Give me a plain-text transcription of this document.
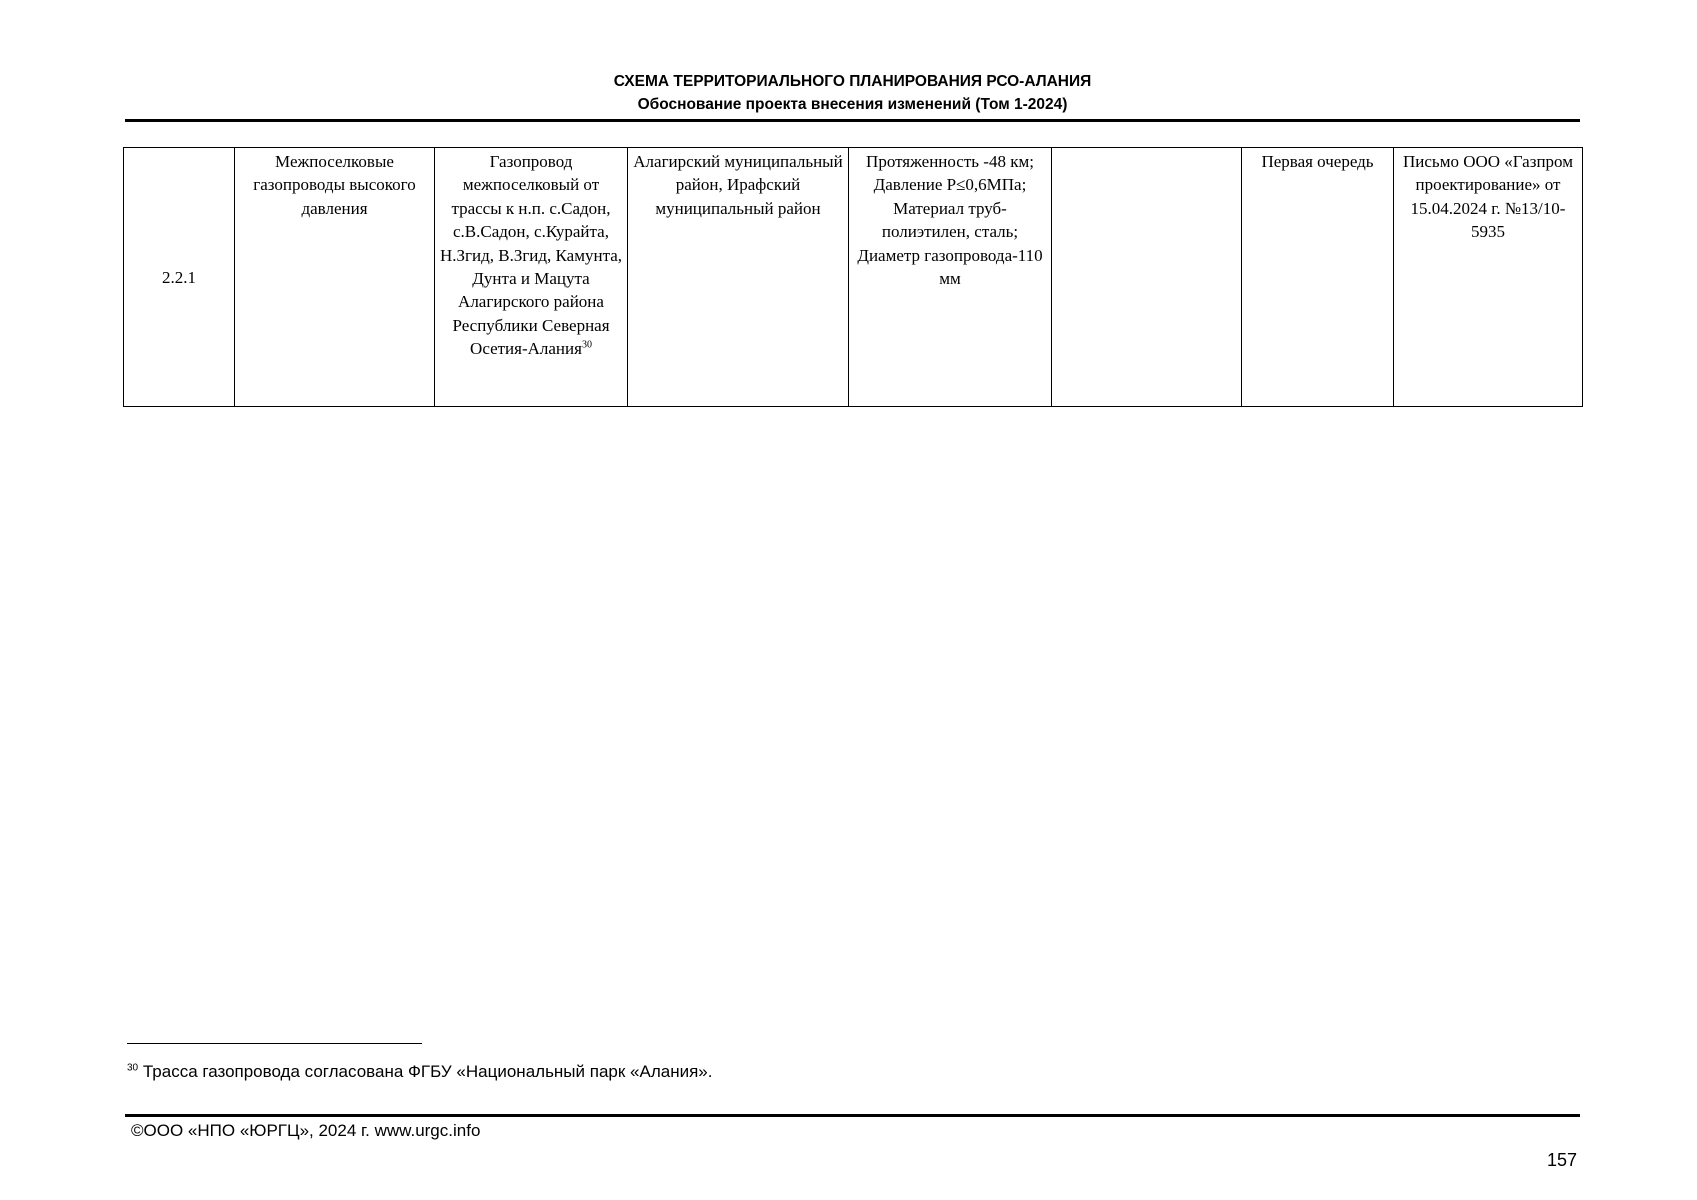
СХЕМА ТЕРРИТОРИАЛЬНОГО ПЛАНИРОВАНИЯ РСО-АЛАНИЯ
Обоснование проекта внесения изменений (Том 1-2024)
2.2.1	Межпоселковые газопроводы высокого давления	Газопровод межпоселковый от трассы к н.п. с.Садон, с.В.Садон, с.Курайта, Н.Згид, В.Згид, Камунта, Дунта и Мацута Алагирского района Республики Северная Осетия-Алания$^{30}$	Алагирский муниципальный район, Ирафский муниципальный район	Протяженность -48 км; Давление Р≤0,6МПа; Материал труб-полиэтилен, сталь; Диаметр газопровода-110 мм		Первая очередь	Письмо ООО «Газпром проектирование» от 15.04.2024 г. №13/10-5935
$^{30}$ Трасса газопровода согласована ФГБУ «Национальный парк «Алания».
©ООО «НПО «ЮРГЦ», 2024 г. www.urgc.info
157
